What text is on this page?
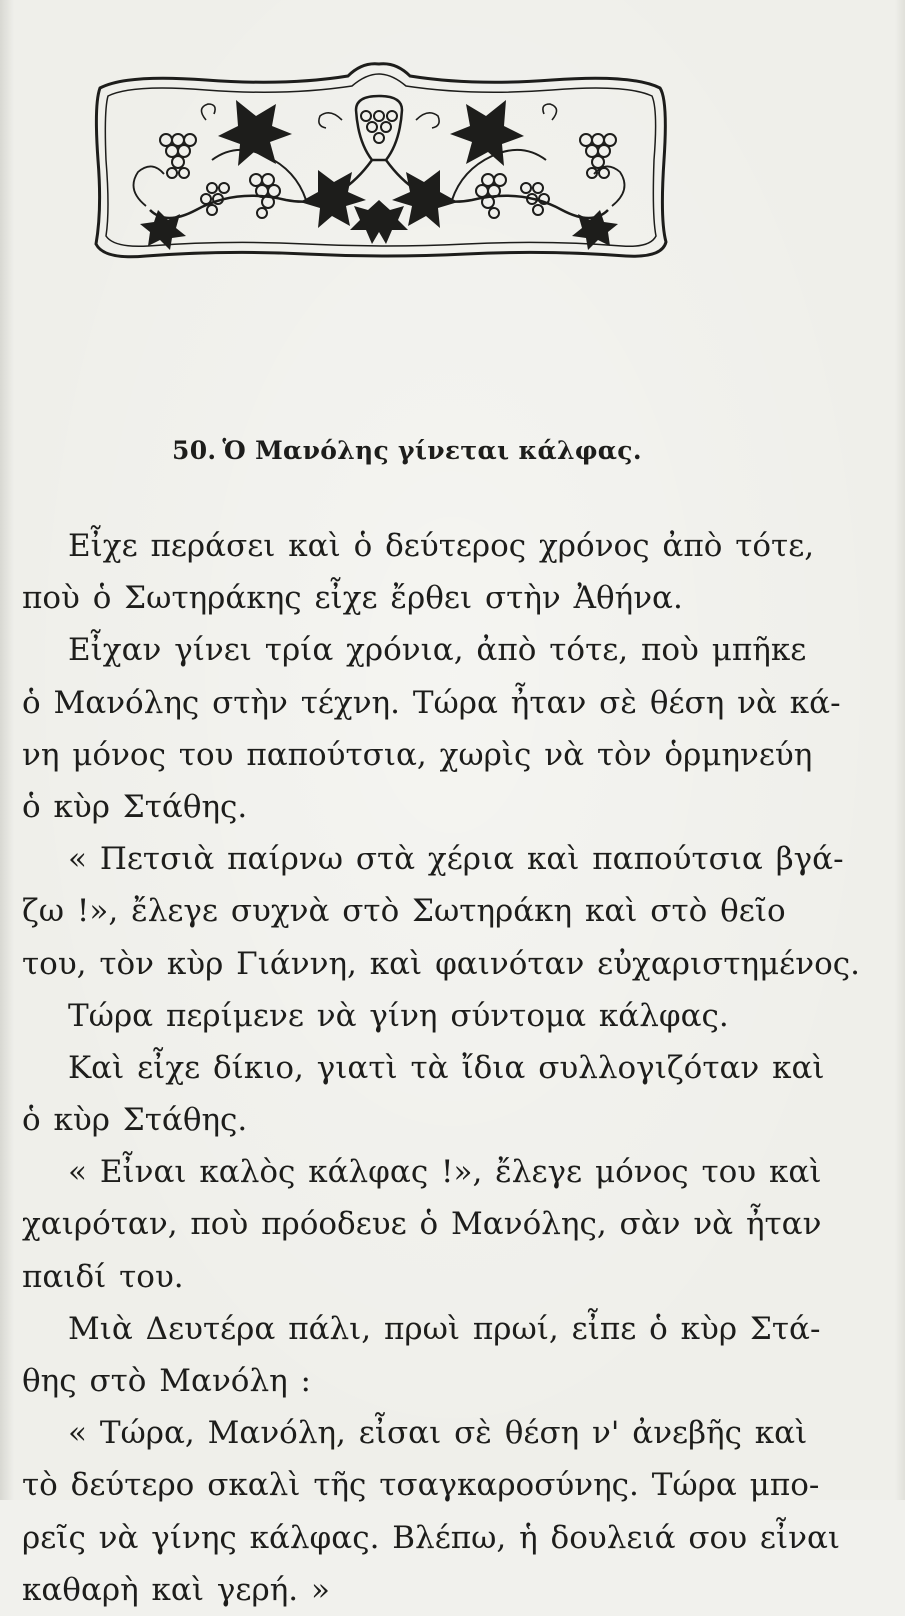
50. Ὁ Μανόλης γίνεται κάλφας.
Εἶχε περάσει καὶ ὁ δεύτερος χρόνος ἀπὸ τότε,
ποὺ ὁ Σωτηράκης εἶχε ἔρθει στὴν Ἀθήνα.
Εἶχαν γίνει τρία χρόνια, ἀπὸ τότε, ποὺ μπῆκε
ὁ Μανόλης στὴν τέχνη. Τώρα ἦταν σὲ θέση νὰ κά-
νη μόνος του παπούτσια, χωρὶς νὰ τὸν ὁρμηνεύη
ὁ κὺρ Στάθης.
« Πετσιὰ παίρνω στὰ χέρια καὶ παπούτσια βγά-
ζω !», ἔλεγε συχνὰ στὸ Σωτηράκη καὶ στὸ θεῖο
του, τὸν κὺρ Γιάννη, καὶ φαινόταν εὐχαριστημένος.
Τώρα περίμενε νὰ γίνη σύντομα κάλφας.
Καὶ εἶχε δίκιο, γιατὶ τὰ ἴδια συλλογιζόταν καὶ
ὁ κὺρ Στάθης.
« Εἶναι καλὸς κάλφας !», ἔλεγε μόνος του καὶ
χαιρόταν, ποὺ πρόοδευε ὁ Μανόλης, σὰν νὰ ἦταν
παιδί του.
Μιὰ Δευτέρα πάλι, πρωὶ πρωί, εἶπε ὁ κὺρ Στά-
θης στὸ Μανόλη :
« Τώρα, Μανόλη, εἶσαι σὲ θέση ν' ἀνεβῆς καὶ
τὸ δεύτερο σκαλὶ τῆς τσαγκαροσύνης. Τώρα μπο-
ρεῖς νὰ γίνης κάλφας. Βλέπω, ἡ δουλειά σου εἶναι
καθαρὴ καὶ γερή. »
